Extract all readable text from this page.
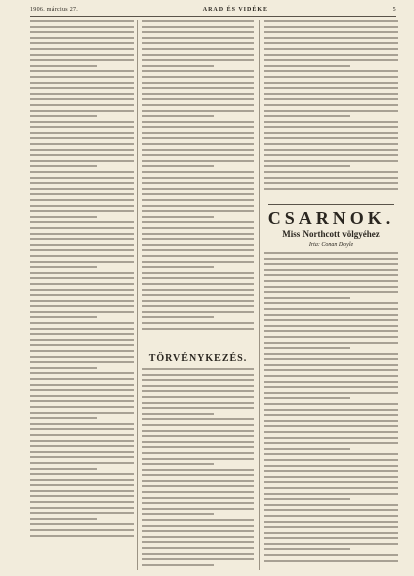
1906. március 27.	ARAD ÉS VIDÉKE	5
TÖRVÉNYKEZÉS.
CSARNOK.
Miss Northcott völgyéhez
Irta: Conan Doyle
